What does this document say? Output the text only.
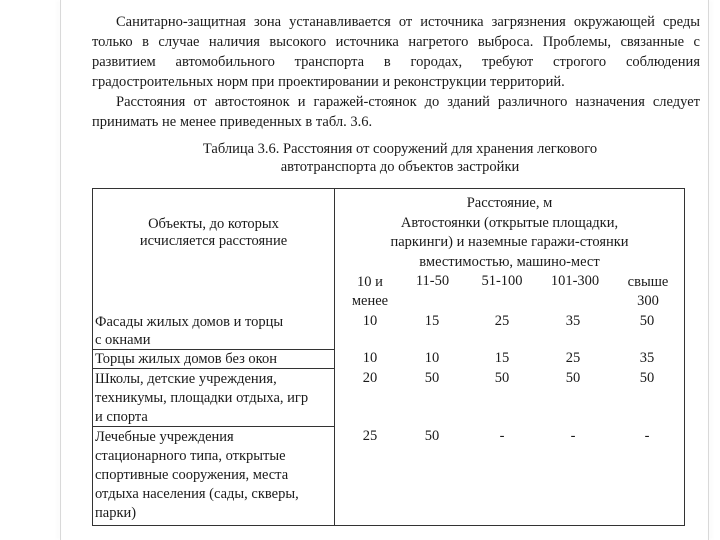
Санитарно-защитная зона устанавливается от источника загрязнения окружающей среды только в случае наличия высокого источника нагретого выброса. Проблемы, связанные с развитием автомобильного транспорта в городах, требуют строгого соблюдения градостроительных норм при проектировании и реконструкции территорий.

Расстояния от автостоянок и гаражей-стоянок до зданий различного назначения следует принимать не менее приведенных в табл. 3.6.

Таблица 3.6. Расстояния от сооружений для хранения легкового
автотранспорта до объектов застройки
Объекты, до которых
исчисляется расстояние
Расстояние, м
Автостоянки (открытые площадки,
паркинги) и наземные гаражи-стоянки
вместимостью, машино-мест
10 и
менее
11-50	51-100	101-300	свыше
300
Фасады жилых домов и торцы
с окнами
10	15	25	35	50
Торцы жилых домов без окон	10	10	15	25	35
Школы, детские учреждения,
техникумы, площадки отдыха, игр
и спорта
20	50	50	50	50
Лечебные учреждения
стационарного типа, открытые
спортивные сооружения, места
отдыха населения (сады, скверы,
парки)
25	50	-	-	-
